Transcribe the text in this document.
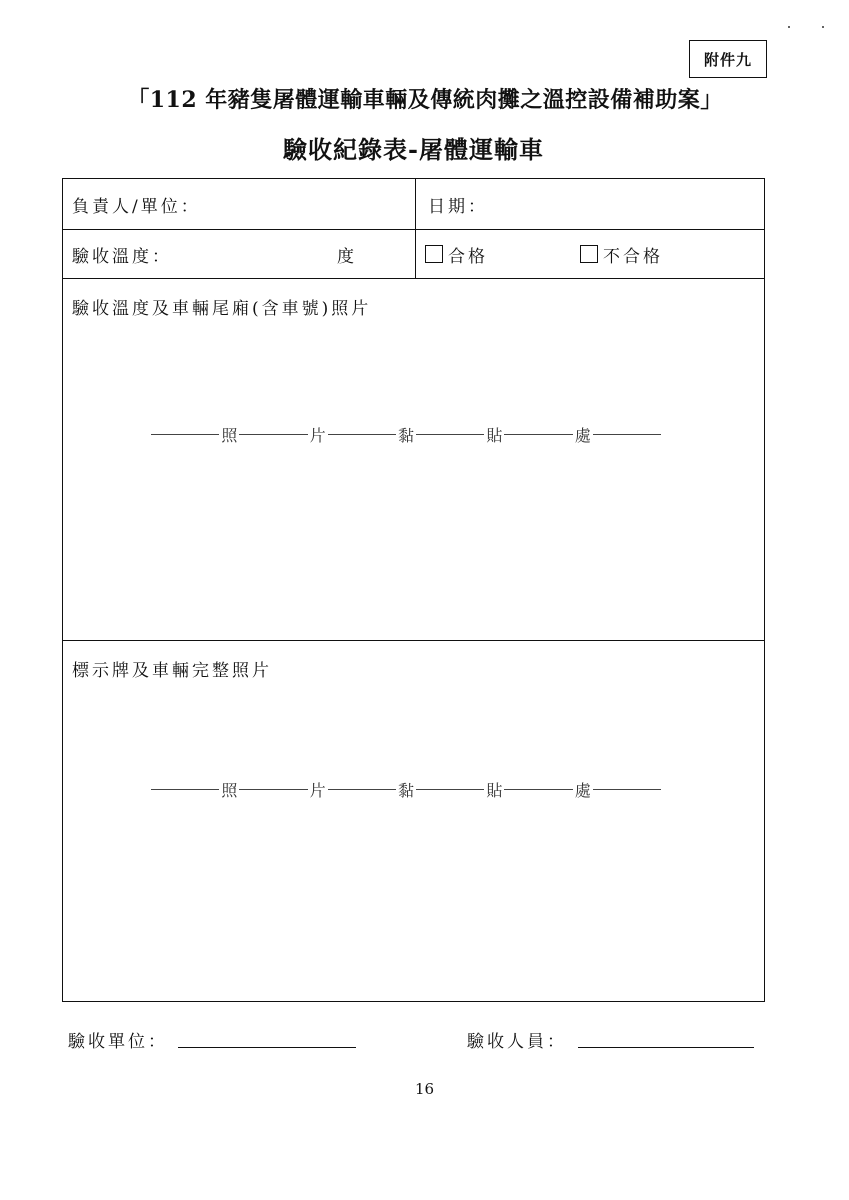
附件九
「112 年豬隻屠體運輸車輛及傳統肉攤之溫控設備補助案」
驗收紀錄表-屠體運輸車
負責人/單位：	日期：
驗收溫度：	度	合格	不合格
驗收溫度及車輛尾廂(含車號)照片
照	片	黏	貼	處
標示牌及車輛完整照片
照	片	黏	貼	處
驗收單位：	驗收人員：
16
